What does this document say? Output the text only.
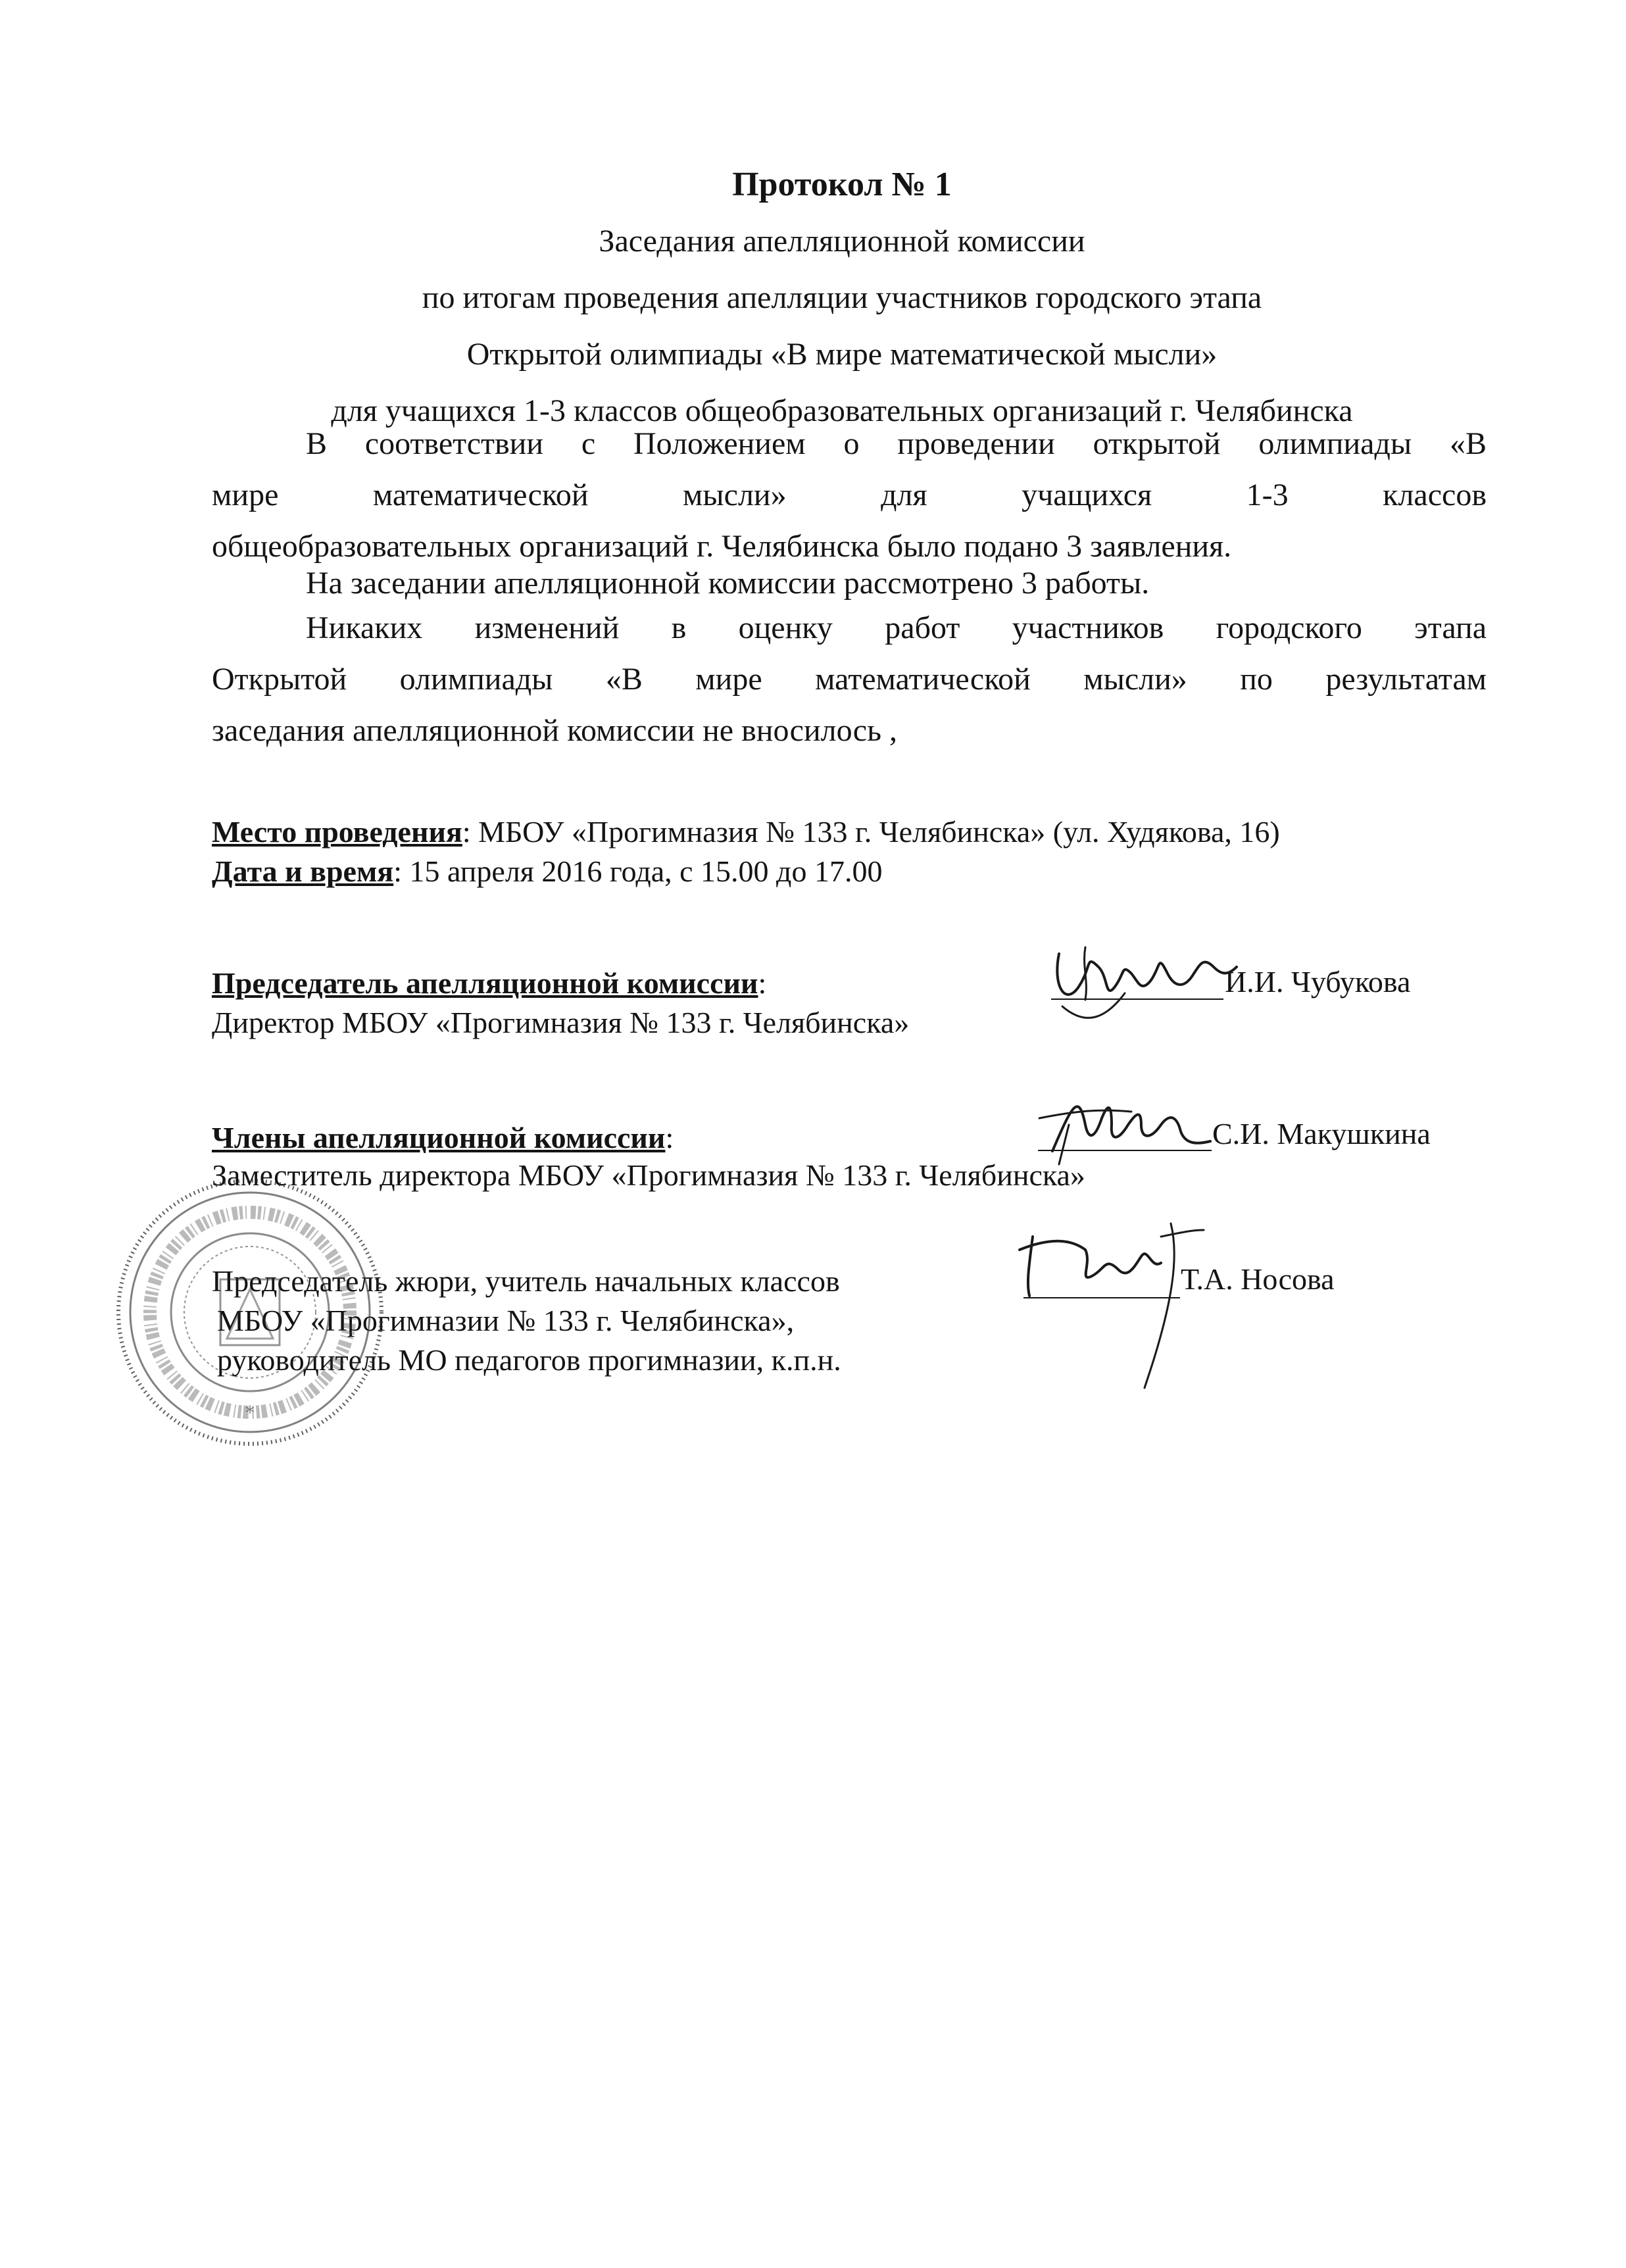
Протокол № 1
Заседания апелляционной комиссии
по итогам проведения апелляции участников городского этапа
Открытой олимпиады «В мире математической мысли»
для учащихся 1-3 классов общеобразовательных организаций г. Челябинска
В соответствии с Положением о проведении открытой олимпиады «В
мире математической мысли» для учащихся 1-3 классов
общеобразовательных организаций г. Челябинска было подано 3 заявления.
На заседании апелляционной комиссии рассмотрено 3 работы.
Никаких изменений в оценку работ участников городского этапа
Открытой олимпиады «В мире математической мысли» по результатам
заседания апелляционной комиссии не вносилось ,
Место проведения: МБОУ «Прогимназия № 133 г. Челябинска» (ул. Худякова, 16)
Дата и время: 15 апреля 2016 года, с 15.00 до 17.00
Председатель апелляционной комиссии:
Директор МБОУ «Прогимназия № 133 г. Челябинска»
И.И. Чубукова
Члены апелляционной комиссии:
Заместитель директора МБОУ «Прогимназия № 133 г. Челябинска»
С.И. Макушкина
Председатель жюри, учитель начальных классов
МБОУ «Прогимназии № 133 г. Челябинска»,
руководитель МО педагогов прогимназии, к.п.н.
Т.А. Носова
*
